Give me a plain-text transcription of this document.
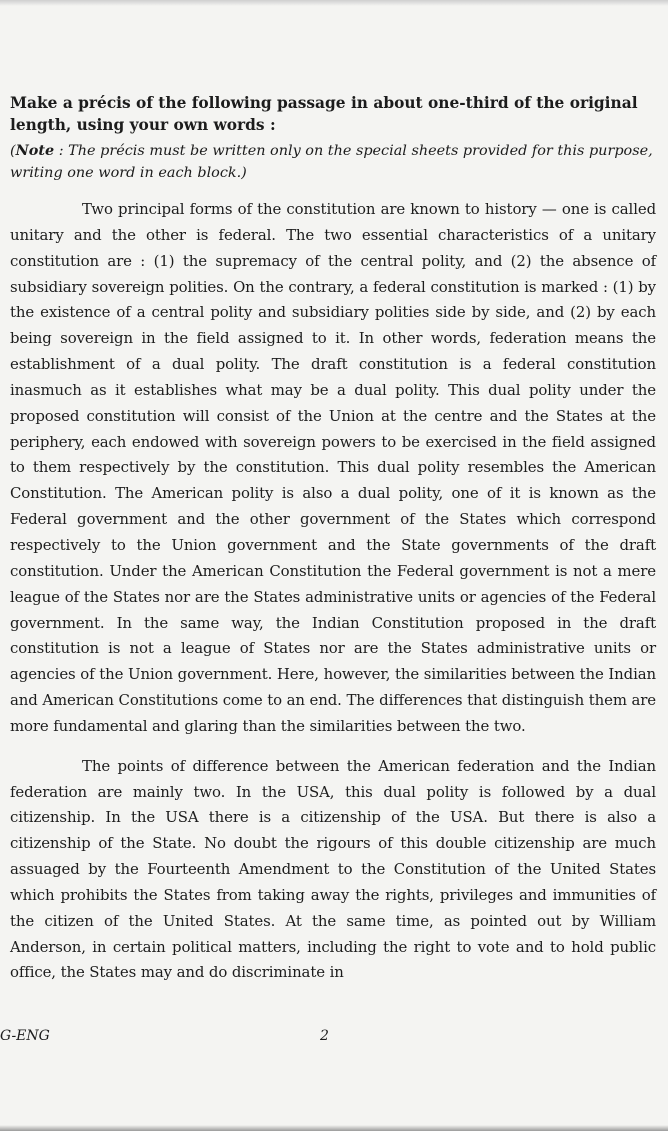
Make a précis of the following passage in about one-third of the original length, using your own words :

(Note : The précis must be written only on the special sheets provided for this purpose, writing one word in each block.)

Two principal forms of the constitution are known to history — one is called unitary and the other is federal. The two essential characteristics of a unitary constitution are : (1) the supremacy of the central polity, and (2) the absence of subsidiary sovereign polities. On the contrary, a federal constitution is marked : (1) by the existence of a central polity and subsidiary polities side by side, and (2) by each being sovereign in the field assigned to it. In other words, federation means the establishment of a dual polity. The draft constitution is a federal constitution inasmuch as it establishes what may be a dual polity. This dual polity under the proposed constitution will consist of the Union at the centre and the States at the periphery, each endowed with sovereign powers to be exercised in the field assigned to them respectively by the constitution. This dual polity resembles the American Constitution. The American polity is also a dual polity, one of it is known as the Federal government and the other government of the States which correspond respectively to the Union government and the State governments of the draft constitution. Under the American Constitution the Federal government is not a mere league of the States nor are the States administrative units or agencies of the Federal government. In the same way, the Indian Constitution proposed in the draft constitution is not a league of States nor are the States administrative units or agencies of the Union government. Here, however, the similarities between the Indian and American Constitutions come to an end. The differences that distinguish them are more fundamental and glaring than the similarities between the two.

The points of difference between the American federation and the Indian federation are mainly two. In the USA, this dual polity is followed by a dual citizenship. In the USA there is a citizenship of the USA. But there is also a citizenship of the State. No doubt the rigours of this double citizenship are much assuaged by the Fourteenth Amendment to the Constitution of the United States which prohibits the States from taking away the rights, privileges and immunities of the citizen of the United States. At the same time, as pointed out by William Anderson, in certain political matters, including the right to vote and to hold public office, the States may and do discriminate in

G-ENG	2
